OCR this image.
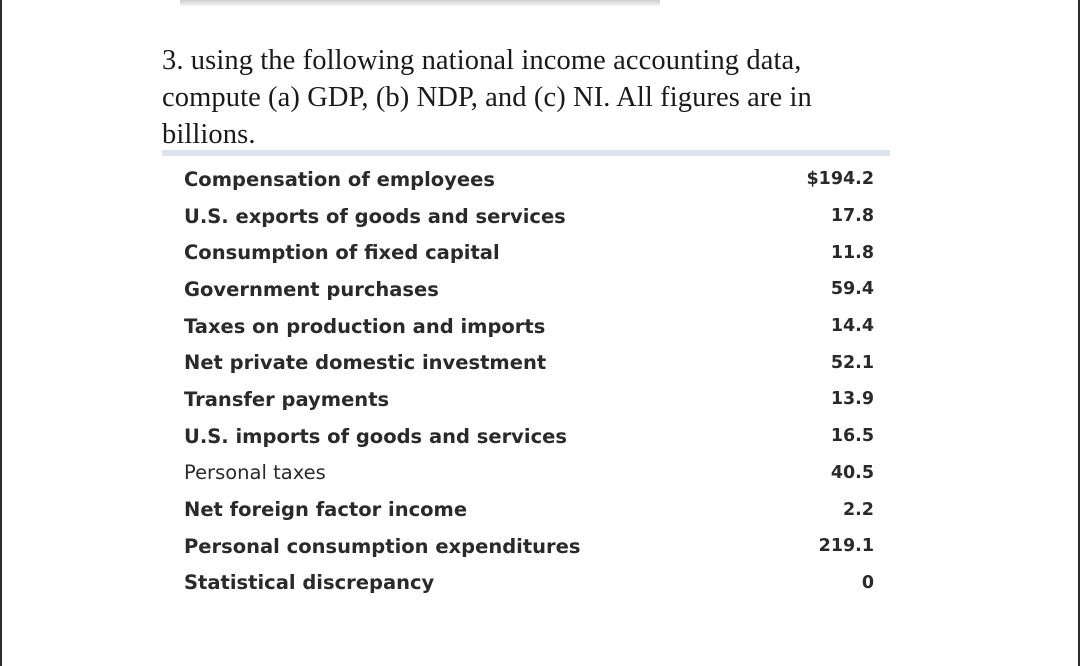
3. using the following national income accounting data,
compute (a) GDP, (b) NDP, and (c) NI. All figures are in
billions.
Compensation of employees	$194.2
U.S. exports of goods and services	17.8
Consumption of fixed capital	11.8
Government purchases	59.4
Taxes on production and imports	14.4
Net private domestic investment	52.1
Transfer payments	13.9
U.S. imports of goods and services	16.5
Personal taxes	40.5
Net foreign factor income	2.2
Personal consumption expenditures	219.1
Statistical discrepancy	0
